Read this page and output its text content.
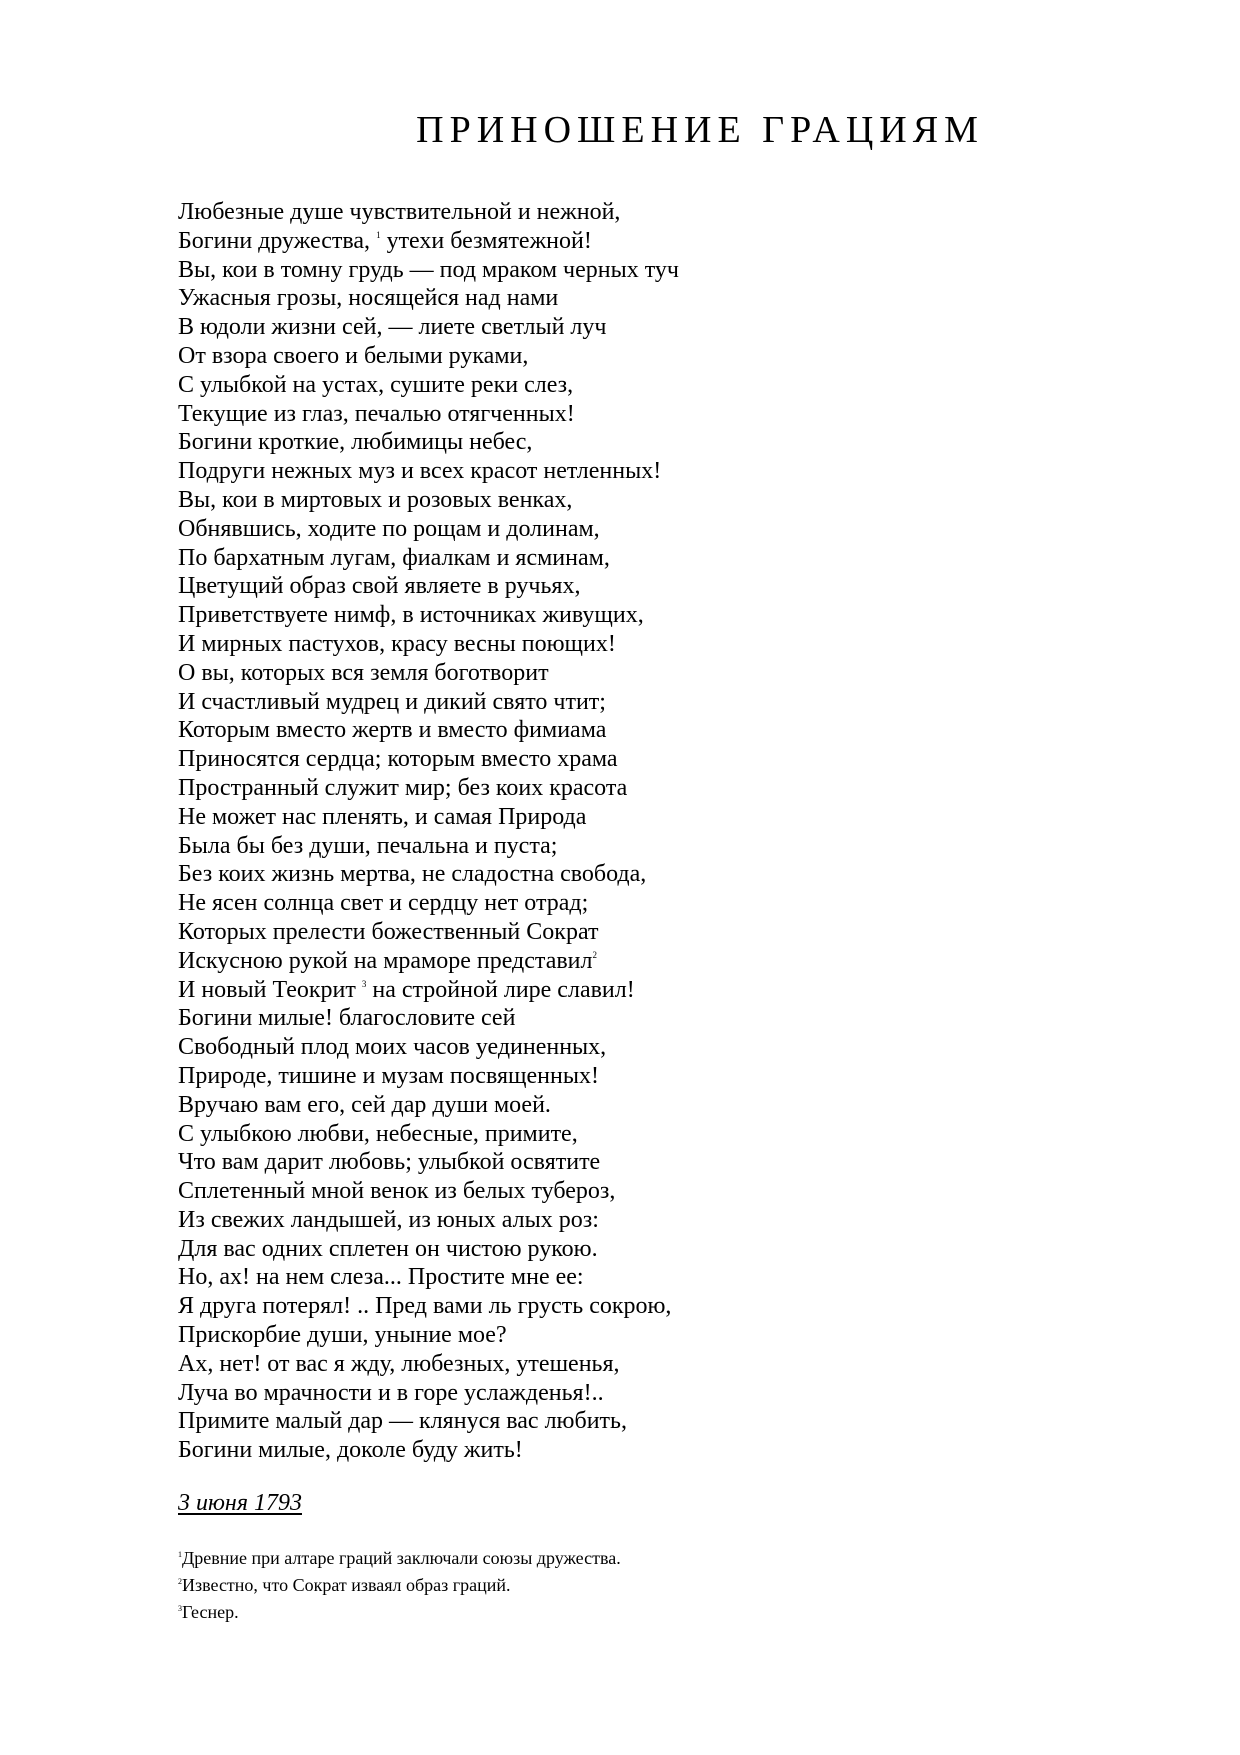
ПРИНОШЕНИЕ ГРАЦИЯМ
Любезные душе чувствительной и нежной,
Богини дружества, $^1$ утехи безмятежной!
Вы, кои в томну грудь — под мраком черных туч
Ужасныя грозы, носящейся над нами
В юдоли жизни сей, — лиете светлый луч
От взора своего и белыми руками,
С улыбкой на устах, сушите реки слез,
Текущие из глаз, печалью отягченных!
Богини кроткие, любимицы небес,
Подруги нежных муз и всех красот нетленных!
Вы, кои в миртовых и розовых венках,
Обнявшись, ходите по рощам и долинам,
По бархатным лугам, фиалкам и ясминам,
Цветущий образ свой являете в ручьях,
Приветствуете нимф, в источниках живущих,
И мирных пастухов, красу весны поющих!
О вы, которых вся земля боготворит
И счастливый мудрец и дикий свято чтит;
Которым вместо жертв и вместо фимиама
Приносятся сердца; которым вместо храма
Пространный служит мир; без коих красота
Не может нас пленять, и самая Природа
Была бы без души, печальна и пуста;
Без коих жизнь мертва, не сладостна свобода,
Не ясен солнца свет и сердцу нет отрад;
Которых прелести божественный Сократ
Искусною рукой на мраморе представил$^2$
И новый Теокрит $^3$ на стройной лире славил!
Богини милые! благословите сей
Свободный плод моих часов уединенных,
Природе, тишине и музам посвященных!
Вручаю вам его, сей дар души моей.
С улыбкою любви, небесные, примите,
Что вам дарит любовь; улыбкой освятите
Сплетенный мной венок из белых тубероз,
Из свежих ландышей, из юных алых роз:
Для вас одних сплетен он чистою рукою.
Но, ах! на нем слеза... Простите мне ее:
Я друга потерял! .. Пред вами ль грусть сокрою,
Прискорбие души, уныние мое?
Ах, нет! от вас я жду, любезных, утешенья,
Луча во мрачности и в горе услажденья!..
Примите малый дар — клянуся вас любить,
Богини милые, доколе буду жить!
3 июня 1793
$^1$Древние при алтаре граций заключали союзы дружества.
$^2$Известно, что Сократ изваял образ граций.
$^3$Геснер.
